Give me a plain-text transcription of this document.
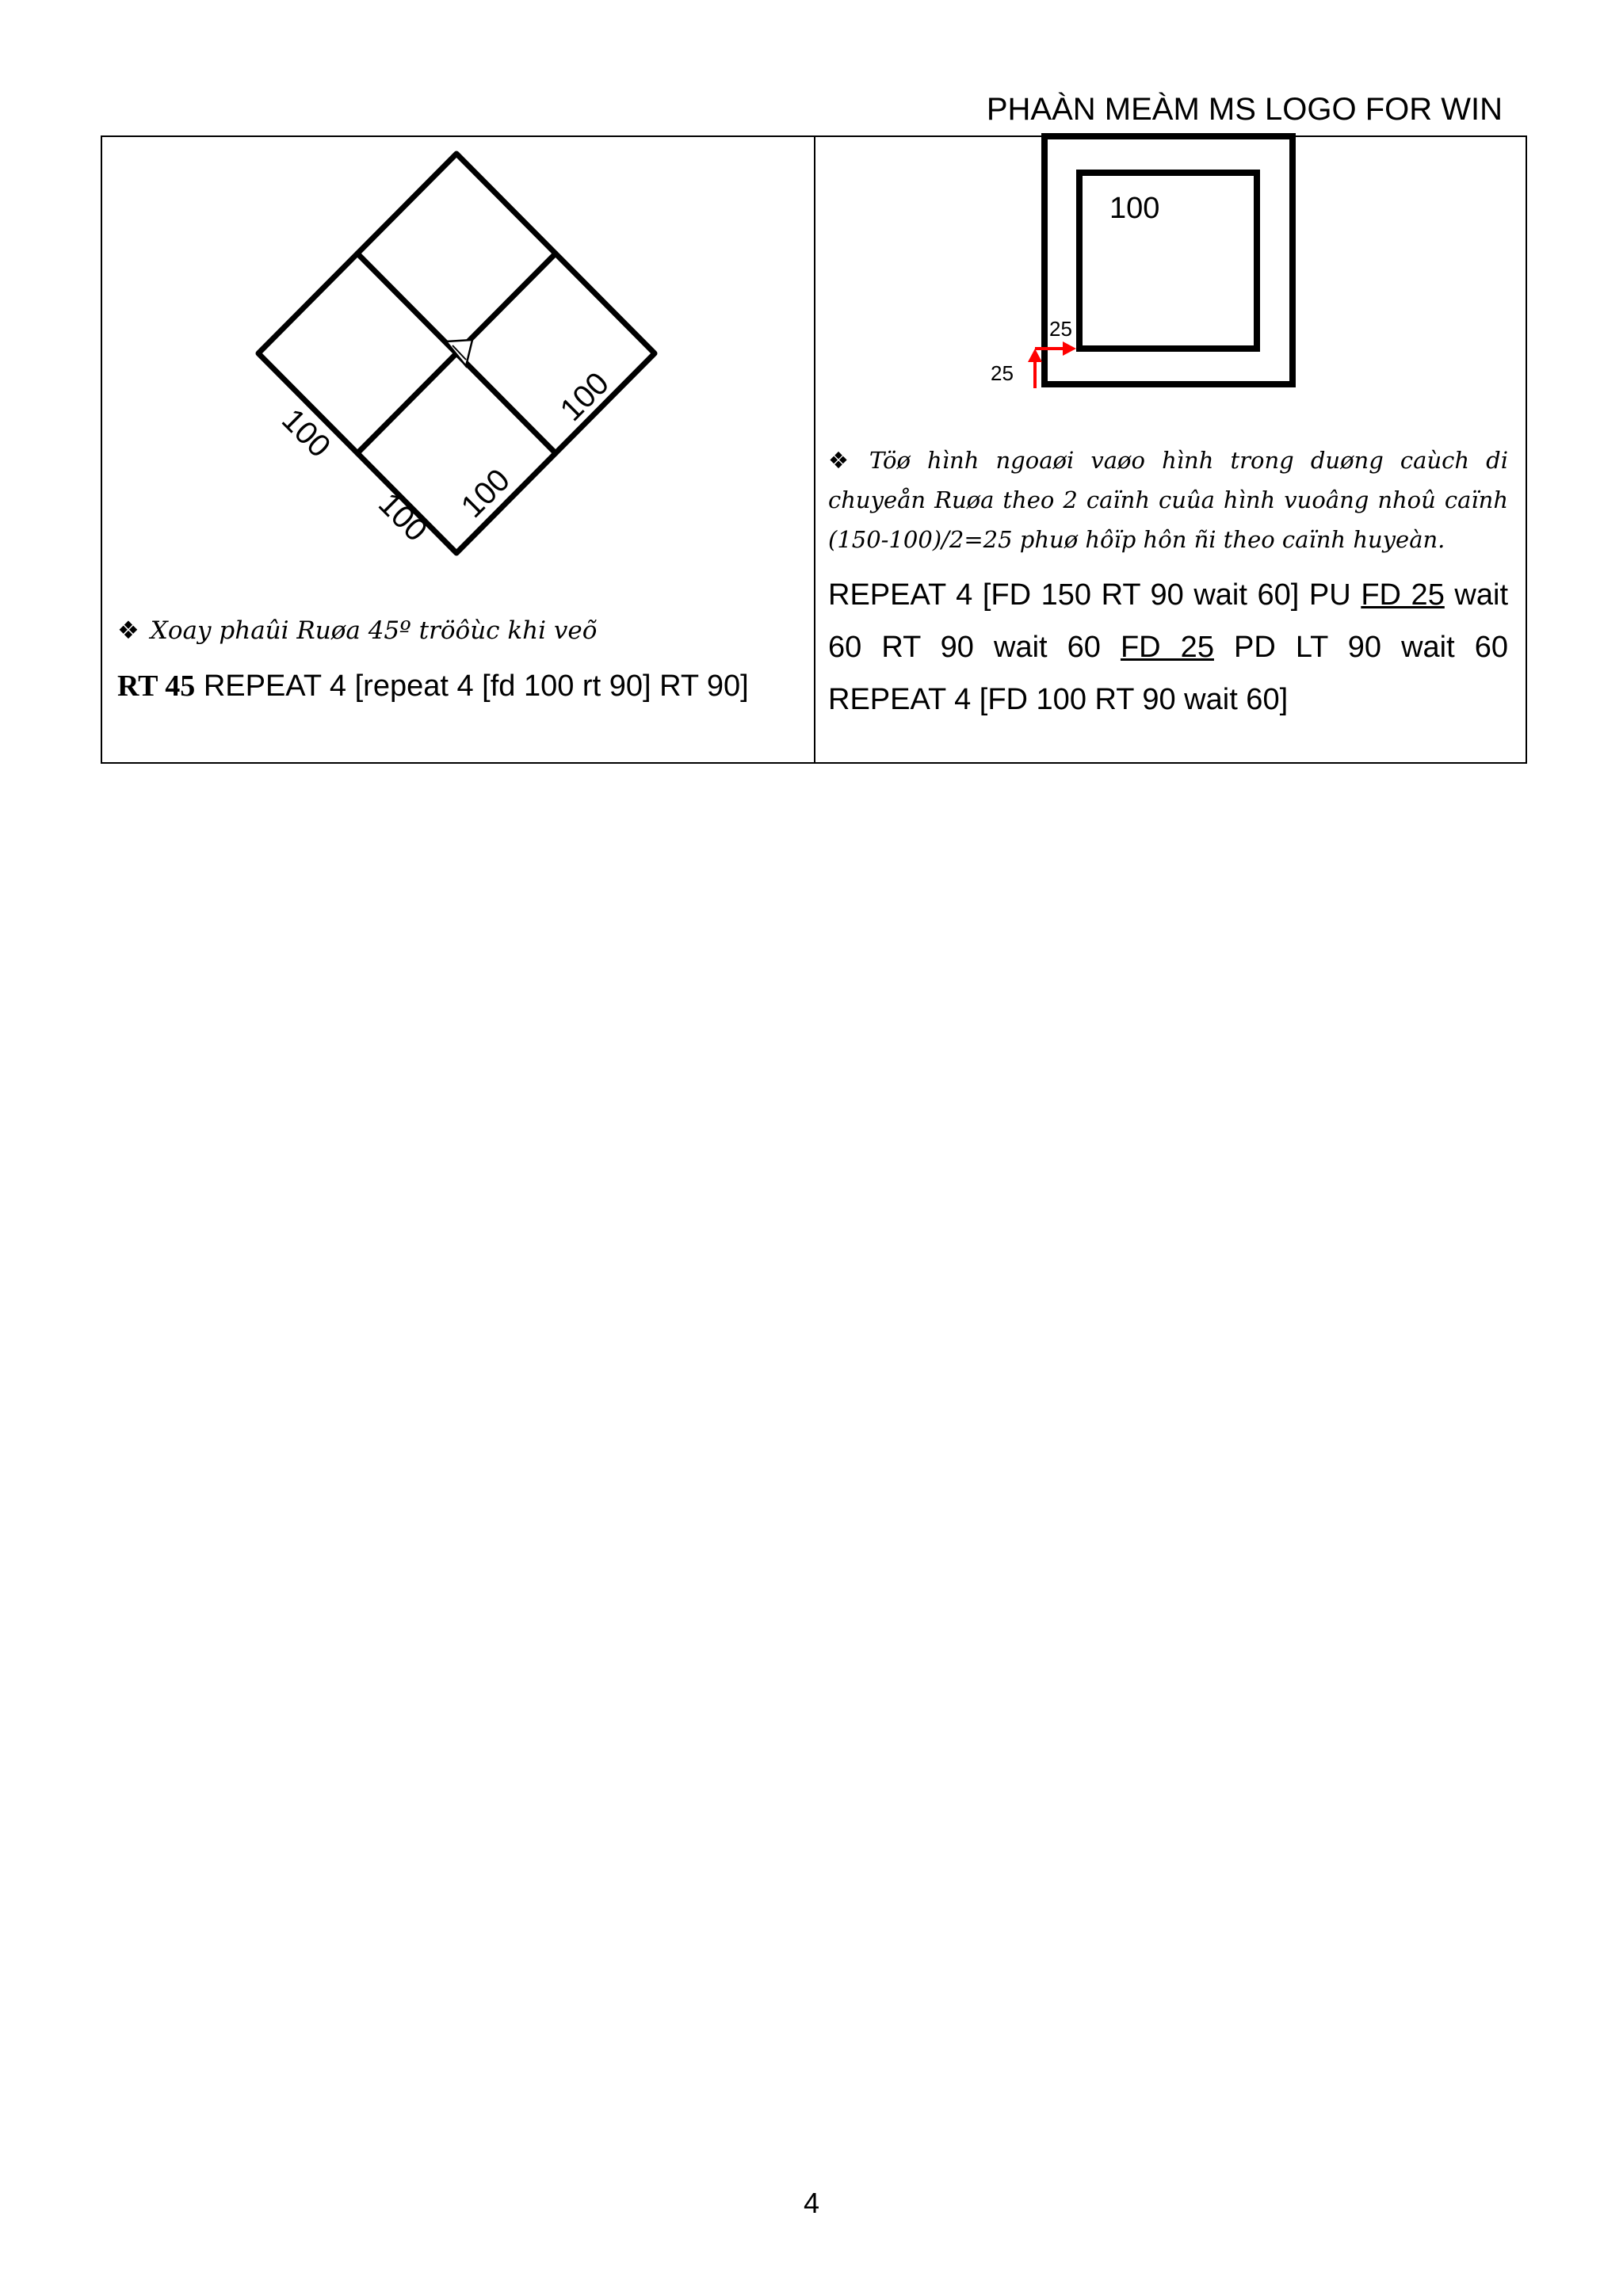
PHAÀN MEÀM MS LOGO FOR WIN
100
100 100
100
100
25
25
❖ Xoay phaûi Ruøa 45º tröôùc khi veõ
RT 45 REPEAT 4 [repeat 4 [fd 100 rt 90] RT 90]
❖ Töø hình ngoaøi vaøo hình trong duøng caùch di
chuyeån Ruøa theo 2 caïnh cuûa hình vuoâng nhoû caïnh
(150-100)/2=25 phuø hôïp hôn ñi theo caïnh huyeàn.
REPEAT 4 [FD 150 RT 90 wait 60] PU FD 25 wait
60 RT 90 wait 60 FD 25 PD LT 90 wait 60
REPEAT 4 [FD 100 RT 90 wait 60]
4
